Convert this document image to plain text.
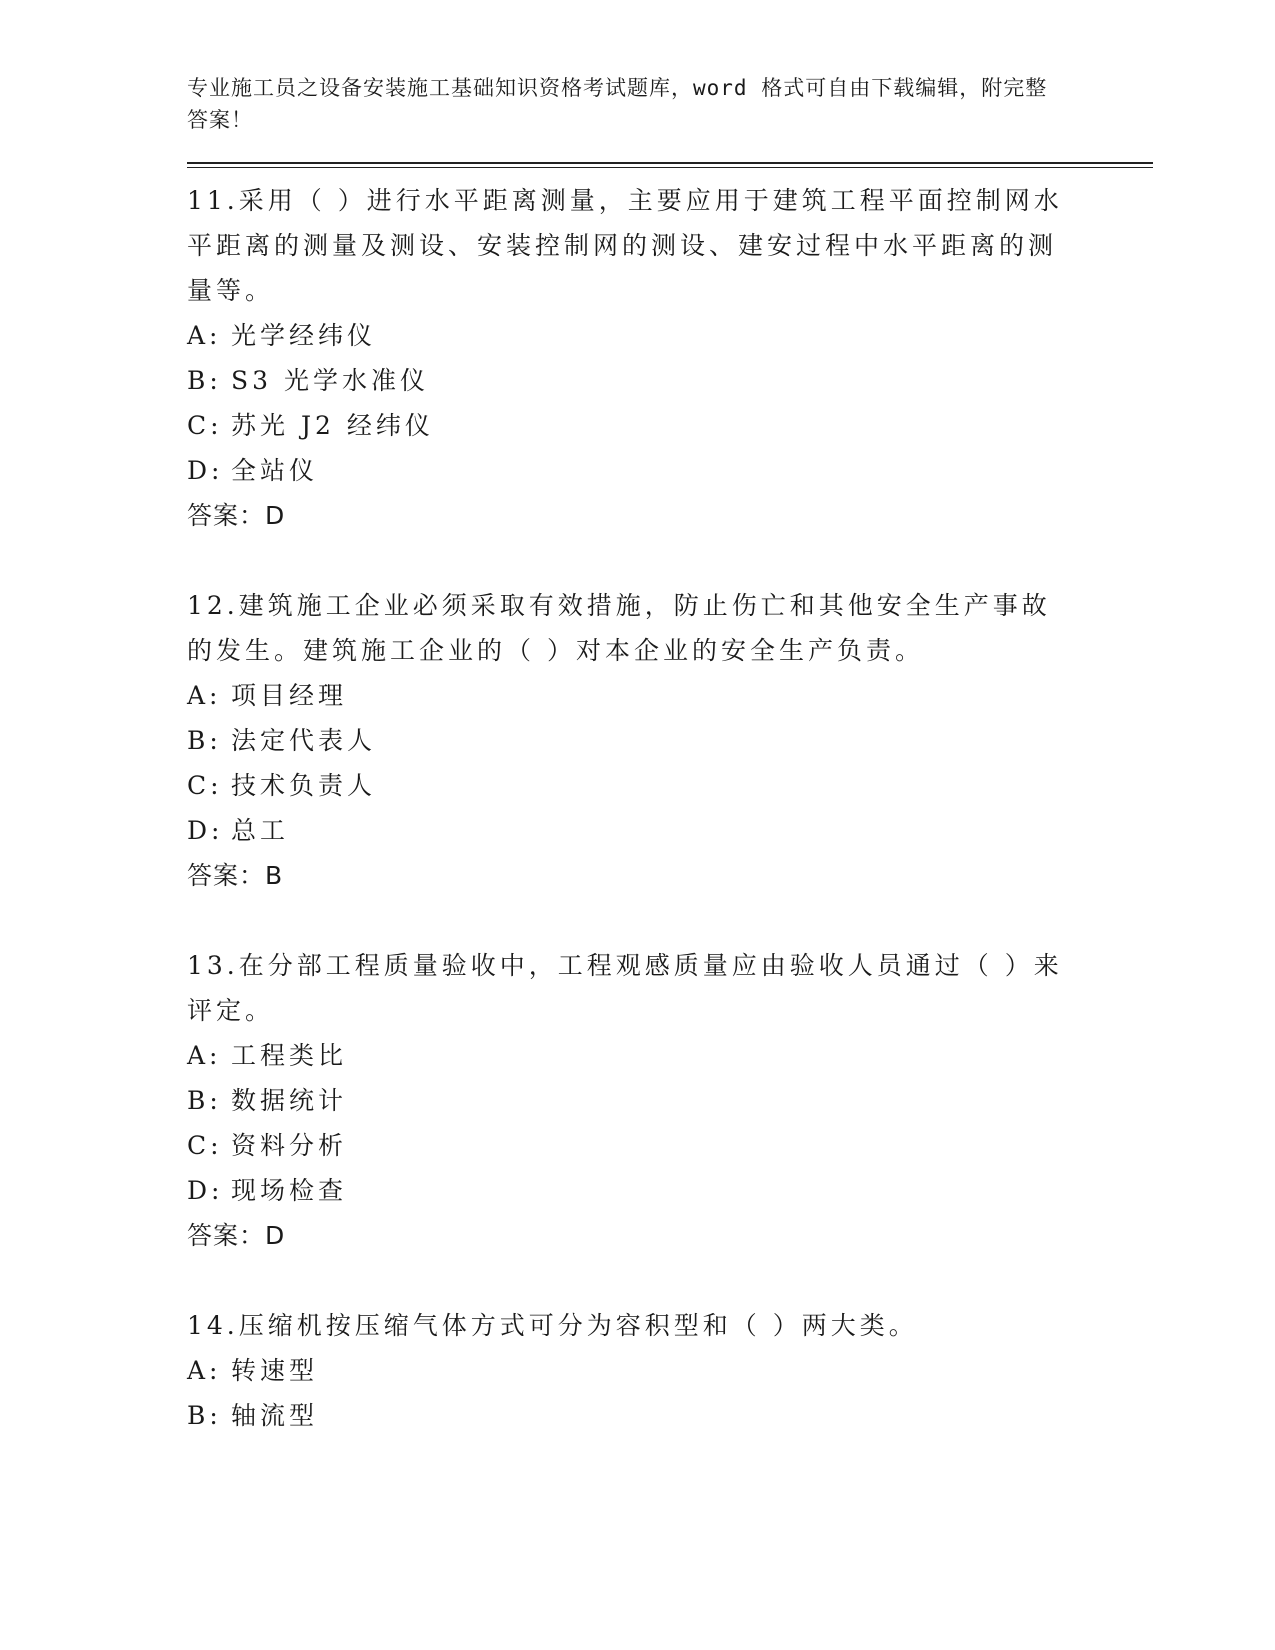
专业施工员之设备安装施工基础知识资格考试题库，word 格式可自由下载编辑，附完整答案！

11.采用（ ）进行水平距离测量，主要应用于建筑工程平面控制网水平距离的测量及测设、安装控制网的测设、建安过程中水平距离的测量等。

A: 光学经纬仪
B: S3 光学水准仪
C: 苏光 J2 经纬仪
D: 全站仪
答案：D

12.建筑施工企业必须采取有效措施，防止伤亡和其他安全生产事故的发生。建筑施工企业的（ ）对本企业的安全生产负责。

A: 项目经理
B: 法定代表人
C: 技术负责人
D: 总工
答案：B

13.在分部工程质量验收中，工程观感质量应由验收人员通过（ ）来评定。

A: 工程类比
B: 数据统计
C: 资料分析
D: 现场检查
答案：D

14.压缩机按压缩气体方式可分为容积型和（ ）两大类。

A: 转速型
B: 轴流型
